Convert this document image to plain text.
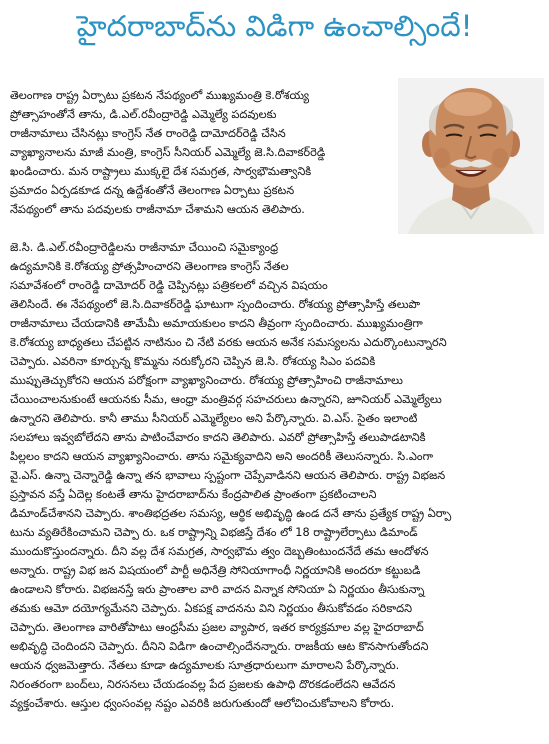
హైదరాబాద్‌ను విడిగా ఉంచాల్సిందే!
తెలంగాణ రాష్ట్ర ఏర్పాటు ప్రకటన నేపథ్యంలో ముఖ్యమంత్రి కె.రోశయ్య
ప్రోత్సాహంతోనే తాను, డి.ఎల్.రవీంద్రారెడ్డి ఎమ్మెల్యే పదవులకు
రాజీనామాలు చేసినట్లు కాంగ్రెస్ నేత రాంరెడ్డి దామోదర్‌రెడ్డి చేసిన
వ్యాఖ్యానాలను మాజీ మంత్రి, కాంగ్రెస్ సీనియర్ ఎమ్మెల్యే జె.సి.దివాకర్‌రెడ్డి
ఖండించారు. మన రాష్ట్రాలు ముక్కలై దేశ సమగ్రత, సార్వభౌమత్వానికి
ప్రమాదం ఏర్పడకూడ దన్న ఉద్దేశంతోనే తెలంగాణ ఏర్పాటు ప్రకటన
నేపథ్యంలో తాను పదవులకు రాజీనామా చేశామని ఆయన తెలిపారు.
జె.సి. డి.ఎల్.రవీంద్రారెడ్డిలను రాజీనామా చేయించి సమైక్యాంధ్ర
ఉద్యమానికి కె.రోశయ్య ప్రోత్సహించారని తెలంగాణ కాంగ్రెస్ నేతల
సమావేశంలో రాంరెడ్డి దామోదర్ రెడ్డి చెప్పినట్లు పత్రికలలో వచ్చిన విషయం
తెలిసిందే. ఈ నేపథ్యంలో జె.సి.దివాకర్‌రెడ్డి ఘాటుగా స్పందించారు. రోశయ్య ప్రోత్సాహిస్తే తలుపొ
రాజీనామాలు చేయడానికి తామేమీ అమాయకులం కాదని తీవ్రంగా స్పందించారు. ముఖ్యమంత్రిగా
కె.రోశయ్య బాధ్యతలు చేపట్టిన నాటినుం చి నేటి వరకు ఆయన అనేక సమస్యలను ఎదుర్కొంటున్నారని
చెప్పారు. ఎవరినా కూర్చున్న కొమ్మను నరుక్కోరని చెప్పిన జె.సి. రోశయ్య సిఎం పదవికి
ముప్పుతెచ్చుకోరని ఆయన పరోక్షంగా వ్యాఖ్యానించారు. రోశయ్య ప్రోత్సాహించి రాజీనామాలు
చేయించాలనుకుంటే ఆయనకు సీమ, ఆంధ్రా మంత్రివర్గ సహచరులు ఉన్నారని, జూనియర్ ఎమ్మెల్యేలు
ఉన్నారని తెలిపారు. కానీ తాము సీనియర్ ఎమ్మెల్యేలం అని పేర్కొన్నారు. వి.ఎస్. సైతం ఇలాంటి
సలహాలు ఇవ్వబోలేదని తాను పాటించేవారం కాదని తెలిపారు. ఎవరో ప్రోత్సాహిస్తే తలుపాడటానికి
పిల్లలం కాదని ఆయన వ్యాఖ్యానించారు. తాను సమైక్యవాదిని అని అందరికీ తెలుసన్నారు. సి.ఎంగా
వై.ఎస్. ఉన్నా చెన్నారెడ్డి ఉన్నా తన భావాలు స్పష్టంగా చెప్పేవాడినని ఆయన తెలిపారు. రాష్ట్ర విభజన
ప్రస్తావన వస్తే ఏదెల్ల కంటతే తాను హైదరాబాద్‌ను కేంద్రపాలిత ప్రాంతంగా ప్రకటించాలని
డిమాండ్‌చేశానని చెప్పారు. శాంతిభద్రతల సమస్య, ఆర్థిక అభివృద్ధి ఉండ దనే తాను ప్రత్యేక రాష్ట్ర ఏర్పా
టును వ్యతిరేకించామని చెప్పా రు. ఒక రాష్ట్రాన్ని విభజిస్తే దేశం లో 18 రాష్ట్రాలేర్పాటు డిమాండ్
ముందుకొస్తుందన్నారు. దీని వల్ల దేశ సమగ్రత, సార్వభౌమ త్వం దెబ్బతింటుందనేదే తమ ఆందోళన
అన్నారు. రాష్ట్ర విభ జన విషయంలో పార్టీ అధినేత్రి సోనియాగాంధీ నిర్ణయానికి అందరూ కట్టుబడి
ఉండాలని కోరారు. విభజనస్తే ఇరు ప్రాంతాల వారి వాదన విన్నాక సోనియా ఏ నిర్ణయం తీసుకున్నా
తమకు ఆమో దయోగ్యమేనని చెప్పారు. ఏకపక్ష వాదనను విని నిర్ణయం తీసుకోవడం సరికాదని
చెప్పారు. తెలంగాణ వారితోపాటు ఆంధ్రసీమ ప్రజల వ్యాపార, ఇతర కార్యక్రమాల వల్ల హైదరాబాద్
అభివృద్ధి చెందిందని చెప్పారు. దీనిని విడిగా ఉంచాల్సిందేనన్నారు. రాజకీయ ఆట కొనసాగుతోందని
ఆయన ధ్వజమెత్తారు. నేతలు కూడా ఉద్యమాలకు సూత్రధారులుగా మారాలని పేర్కొన్నారు.
నిరంతరంగా బంద్‌లు, నిరసనలు చేయడంవల్ల పేద ప్రజలకు ఉపాధి దొరకడంలేదని ఆవేదన
వ్యక్తంచేశారు. ఆస్తుల ధ్వంసంవల్ల నష్టం ఎవరికి జరుగుతుందో ఆలోచించుకోవాలని కోరారు.
